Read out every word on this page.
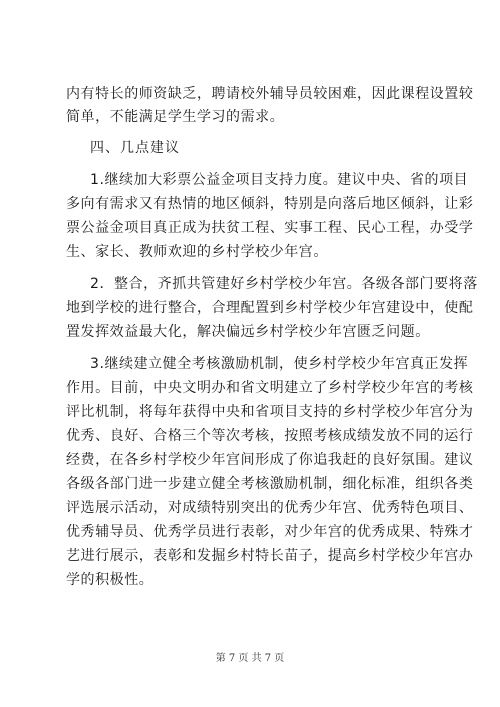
内有特长的师资缺乏，聘请校外辅导员较困难，因此课程设置较
简单，不能满足学生学习的需求。
四、几点建议
1.继续加大彩票公益金项目支持力度。建议中央、省的项目
多向有需求又有热情的地区倾斜，特别是向落后地区倾斜，让彩
票公益金项目真正成为扶贫工程、实事工程、民心工程，办受学
生、家长、教师欢迎的乡村学校少年宫。
2．整合，齐抓共管建好乡村学校少年宫。各级各部门要将落
地到学校的进行整合，合理配置到乡村学校少年宫建设中，使配
置发挥效益最大化，解决偏远乡村学校少年宫匮乏问题。
3.继续建立健全考核激励机制，使乡村学校少年宫真正发挥
作用。目前，中央文明办和省文明建立了乡村学校少年宫的考核
评比机制，将每年获得中央和省项目支持的乡村学校少年宫分为
优秀、良好、合格三个等次考核，按照考核成绩发放不同的运行
经费，在各乡村学校少年宫间形成了你追我赶的良好氛围。建议
各级各部门进一步建立健全考核激励机制，细化标准，组织各类
评选展示活动，对成绩特别突出的优秀少年宫、优秀特色项目、
优秀辅导员、优秀学员进行表彰，对少年宫的优秀成果、特殊才
艺进行展示，表彰和发掘乡村特长苗子，提高乡村学校少年宫办
学的积极性。
第 7 页 共 7 页
